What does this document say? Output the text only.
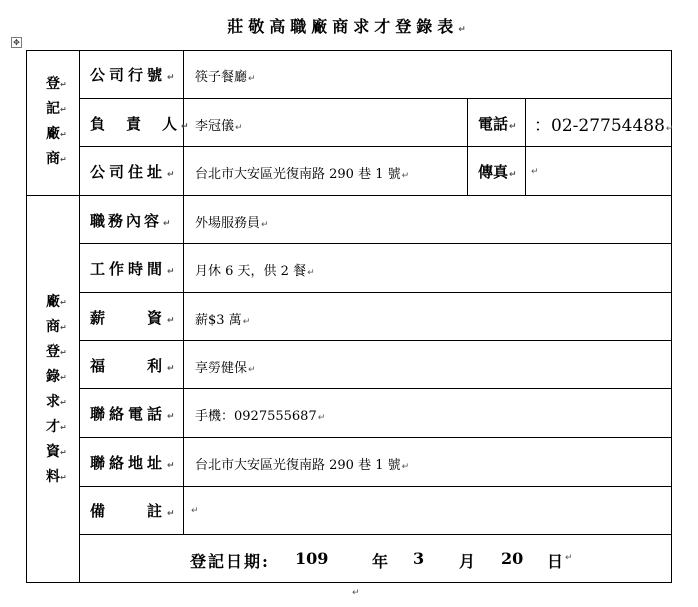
莊敬高職廠商求才登錄表↵
✥
登 ↵
記 ↵
廠 ↵
商 ↵
廠 ↵
商 ↵
登 ↵
錄 ↵
求 ↵
才 ↵
資 ↵
料 ↵
公司行號 ↵	筷子餐廳 ↵
負　責　人 ↵	李冠儀 ↵	電話 ↵	：02-27754488 ↵
公司住址 ↵	台北市大安區光復南路 290 巷 1 號 ↵	傳真 ↵
↵
職務內容 ↵	外場服務員 ↵
工作時間 ↵	月休 6 天，供 2 餐 ↵
薪　　資 ↵	薪$3 萬 ↵
福　　利 ↵	享勞健保 ↵
聯絡電話 ↵	手機：0927555687 ↵
聯絡地址 ↵	台北市大安區光復南路 290 巷 1 號 ↵
備　　註 ↵
↵
登記日期: 109	年 3 月 20 日 ↵
↵
